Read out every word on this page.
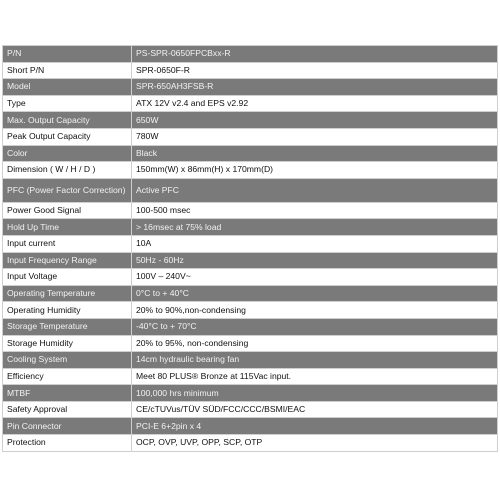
P/N	PS-SPR-0650FPCBxx-R
Short P/N	SPR-0650F-R
Model	SPR-650AH3FSB-R
Type	ATX 12V v2.4 and EPS v2.92
Max. Output Capacity	650W
Peak Output Capacity	780W
Color	Black
Dimension ( W / H / D )	150mm(W) x 86mm(H) x 170mm(D)
PFC (Power Factor Correction)	Active PFC
Power Good Signal	100-500 msec
Hold Up Time	> 16msec at 75% load
Input current	10A
Input Frequency Range	50Hz - 60Hz
Input Voltage	100V – 240V~
Operating Temperature	0°C to + 40°C
Operating Humidity	20% to 90%,non-condensing
Storage Temperature	-40°C to + 70°C
Storage Humidity	20% to 95%, non-condensing
Cooling System	14cm hydraulic bearing fan
Efficiency	Meet 80 PLUS® Bronze at 115Vac input.
MTBF	100,000 hrs minimum
Safety Approval	CE/cTUVus/TÜV SÜD/FCC/CCC/BSMI/EAC
Pin Connector	PCI-E 6+2pin x 4
Protection	OCP, OVP, UVP, OPP, SCP, OTP
